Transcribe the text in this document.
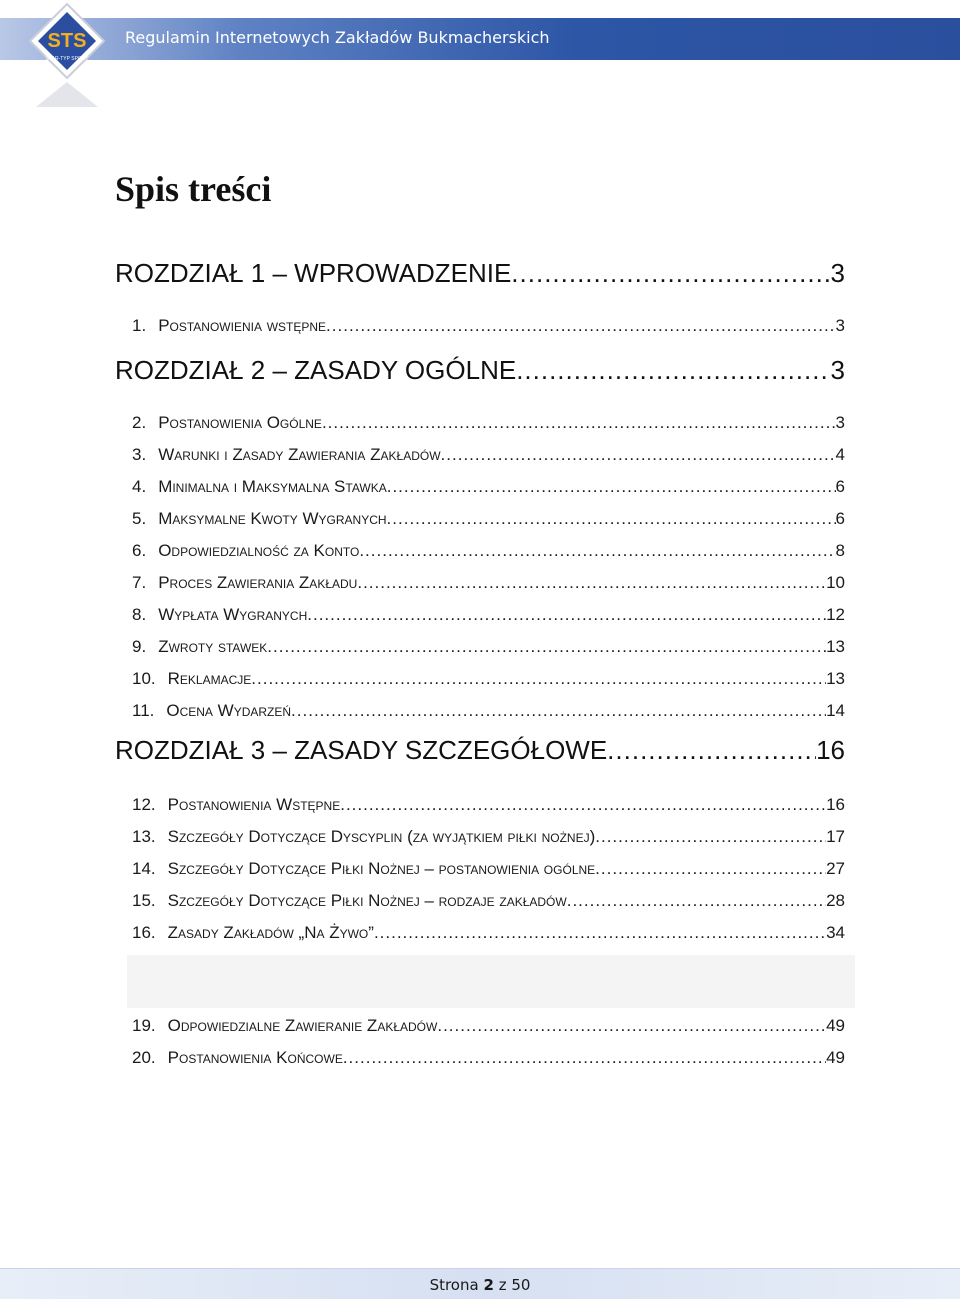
STS
STAR-TYP SPORT
Regulamin Internetowych Zakładów Bukmacherskich
Spis treści
ROZDZIAŁ 1 – WPROWADZENIE .....	3
1. Postanowienia wstępne .....	3
ROZDZIAŁ 2 – ZASADY OGÓLNE .....	3
2. Postanowienia Ogólne .....	3
3. Warunki i Zasady Zawierania Zakładów .....	4
4. Minimalna i Maksymalna Stawka .....	6
5. Maksymalne Kwoty Wygranych .....	6
6. Odpowiedzialność za Konto .....	8
7. Proces Zawierania Zakładu .....	10
8. Wypłata Wygranych .....	12
9. Zwroty stawek .....	13
10. Reklamacje .....	13
11. Ocena Wydarzeń .....	14
ROZDZIAŁ 3 – ZASADY SZCZEGÓŁOWE .....	16
12. Postanowienia Wstępne .....	16
13. Szczegóły Dotyczące Dyscyplin (za wyjątkiem piłki nożnej) .....	17
14. Szczegóły Dotyczące Piłki Nożnej – postanowienia ogólne .....	27
15. Szczegóły Dotyczące Piłki Nożnej – rodzaje zakładów .....	28
16. Zasady Zakładów „Na Żywo” .....	34
19. Odpowiedzialne Zawieranie Zakładów .....	49
20. Postanowienia Końcowe .....	49
Strona 2 z 50
